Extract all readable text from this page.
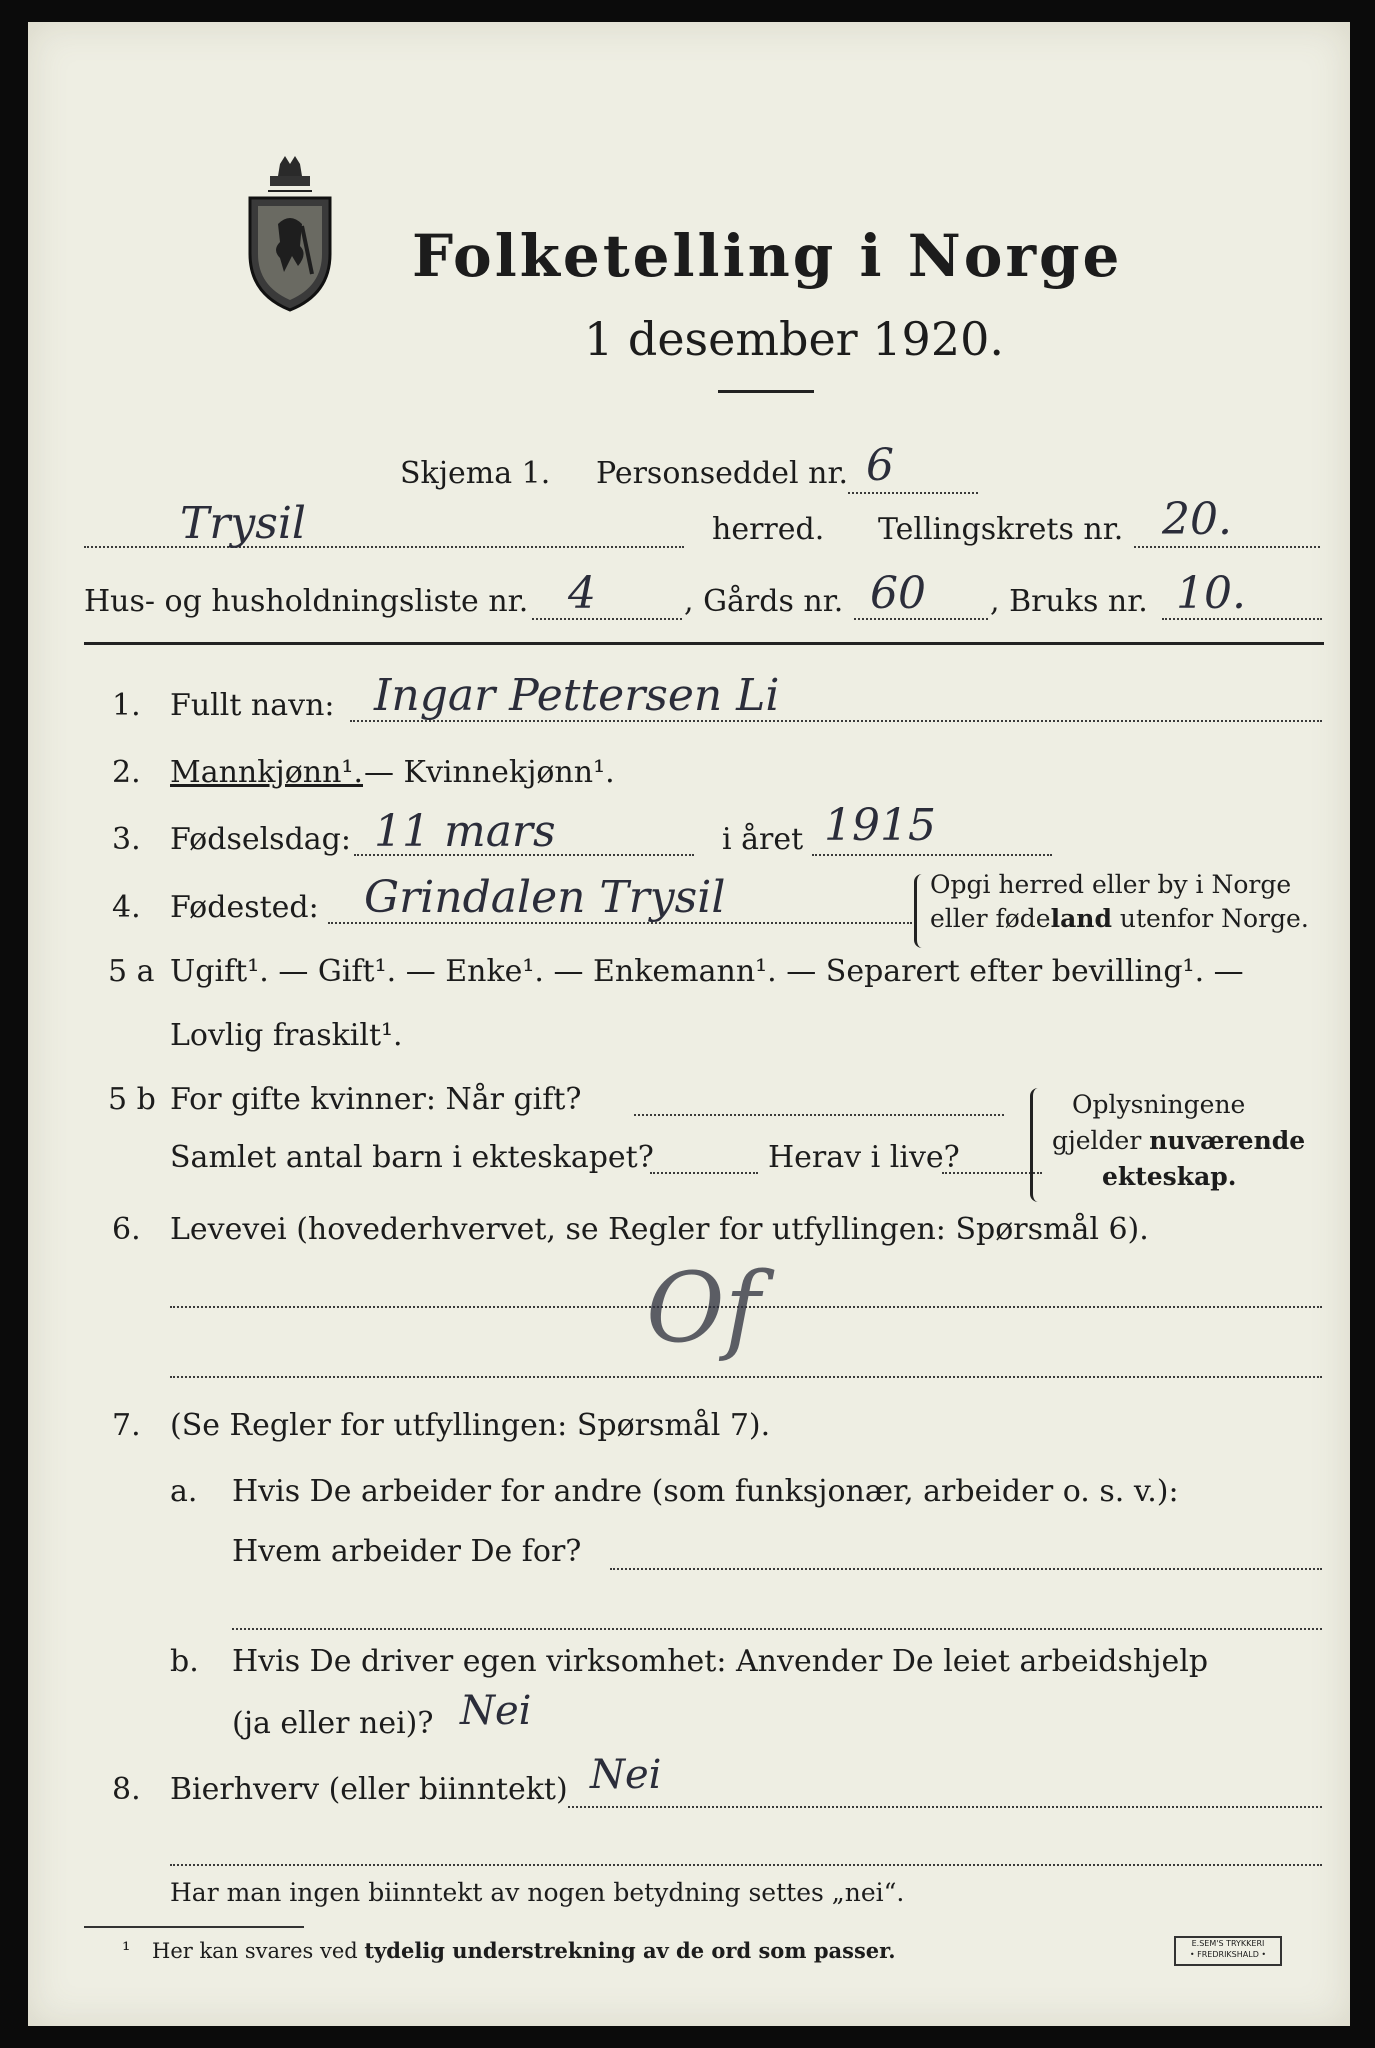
Folketelling i Norge
1 desember 1920.
Skjema 1. Personseddel nr. 6
Trysil	herred. Tellingskrets nr. 20.
Hus- og husholdningsliste nr. 4	, Gårds nr. 60 , Bruks nr. 10.
1. Fullt navn: Ingar Pettersen Li
2. Mannkjønn¹. — Kvinnekjønn¹.
3. Fødselsdag: 11 mars	i året 1915
4. Fødested: Grindalen Trysil	Opgi herred eller by i Norge
eller fødeland utenfor Norge.
5 a Ugift¹. — Gift¹. — Enke¹. — Enkemann¹. — Separert efter bevilling¹. —
Lovlig fraskilt¹.
5 b For gifte kvinner: Når gift?
Samlet antal barn i ekteskapet?	Herav i live?
Oplysningene
gjelder nuværende
ekteskap.
6. Levevei (hovederhvervet, se Regler for utfyllingen: Spørsmål 6).
Of
7. (Se Regler for utfyllingen: Spørsmål 7).
a. Hvis De arbeider for andre (som funksjonær, arbeider o. s. v.):
Hvem arbeider De for?
b. Hvis De driver egen virksomhet: Anvender De leiet arbeidshjelp
(ja eller nei)? Nei
8. Bierhverv (eller biinntekt) Nei
Har man ingen biinntekt av nogen betydning settes „nei“.
¹ Her kan svares ved tydelig understrekning av de ord som passer.	E.SEM'S TRYKKERI
• FREDRIKSHALD •
